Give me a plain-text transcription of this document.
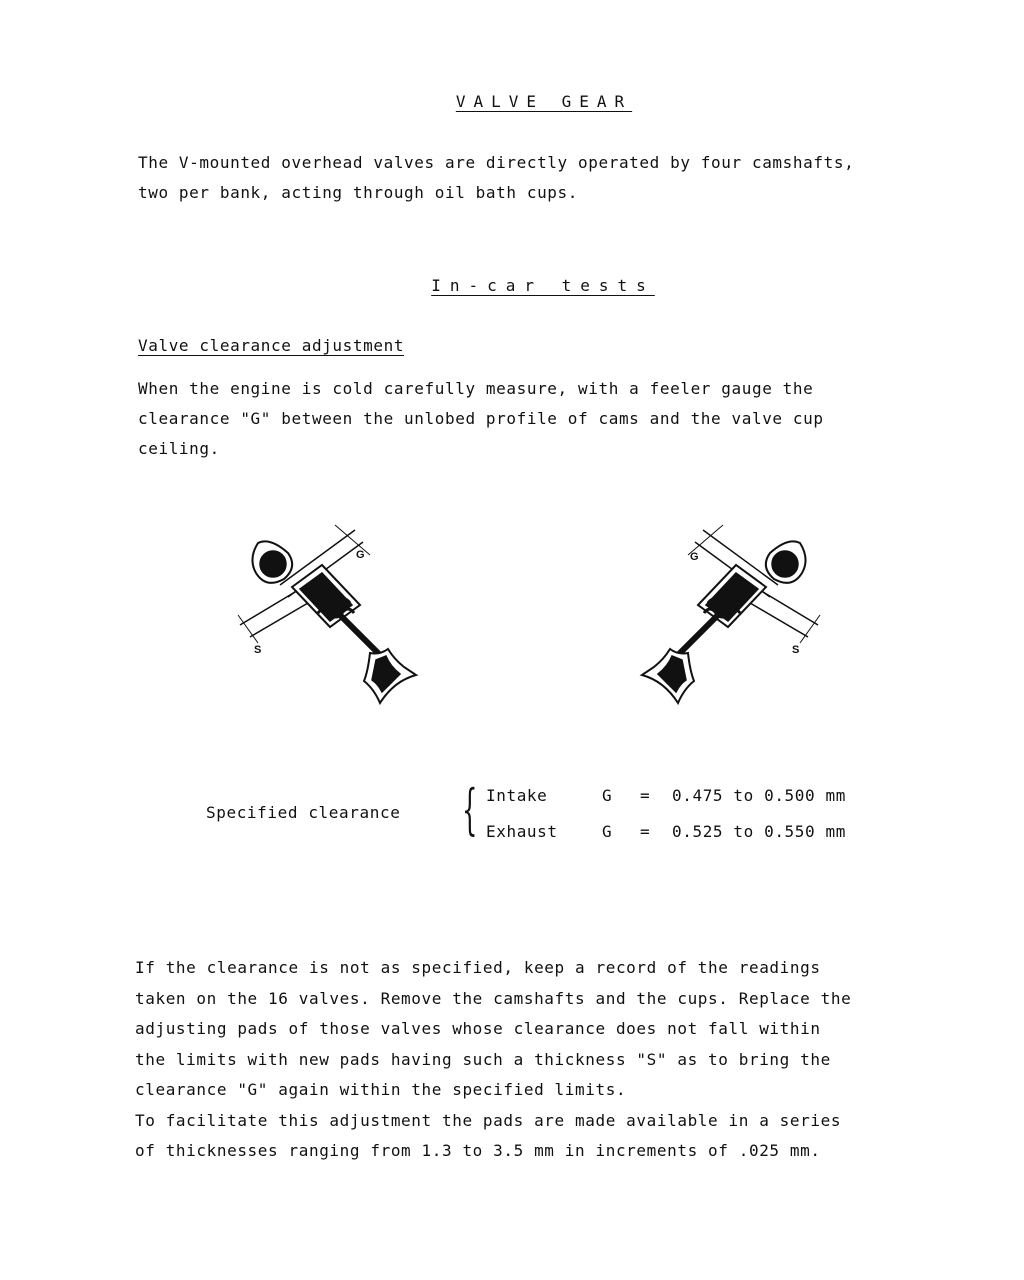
VALVE GEAR
The V-mounted overhead valves are directly operated by four camshafts,
two per bank, acting through oil bath cups.
In-car tests
Valve clearance adjustment
When the engine is cold carefully measure, with a feeler gauge the
clearance "G" between the unlobed profile of cams and the valve cup
ceiling.
G
S
G
S
Specified clearance { Intake	G = 0.475 to 0.500 mm
Exhaust	G = 0.525 to 0.550 mm
If the clearance is not as specified, keep a record of the readings
taken on the 16 valves. Remove the camshafts and the cups. Replace the
adjusting pads of those valves whose clearance does not fall within
the limits with new pads having such a thickness "S" as to bring the
clearance "G" again within the specified limits.
To facilitate this adjustment the pads are made available in a series
of thicknesses ranging from 1.3 to 3.5 mm in increments of .025 mm.
